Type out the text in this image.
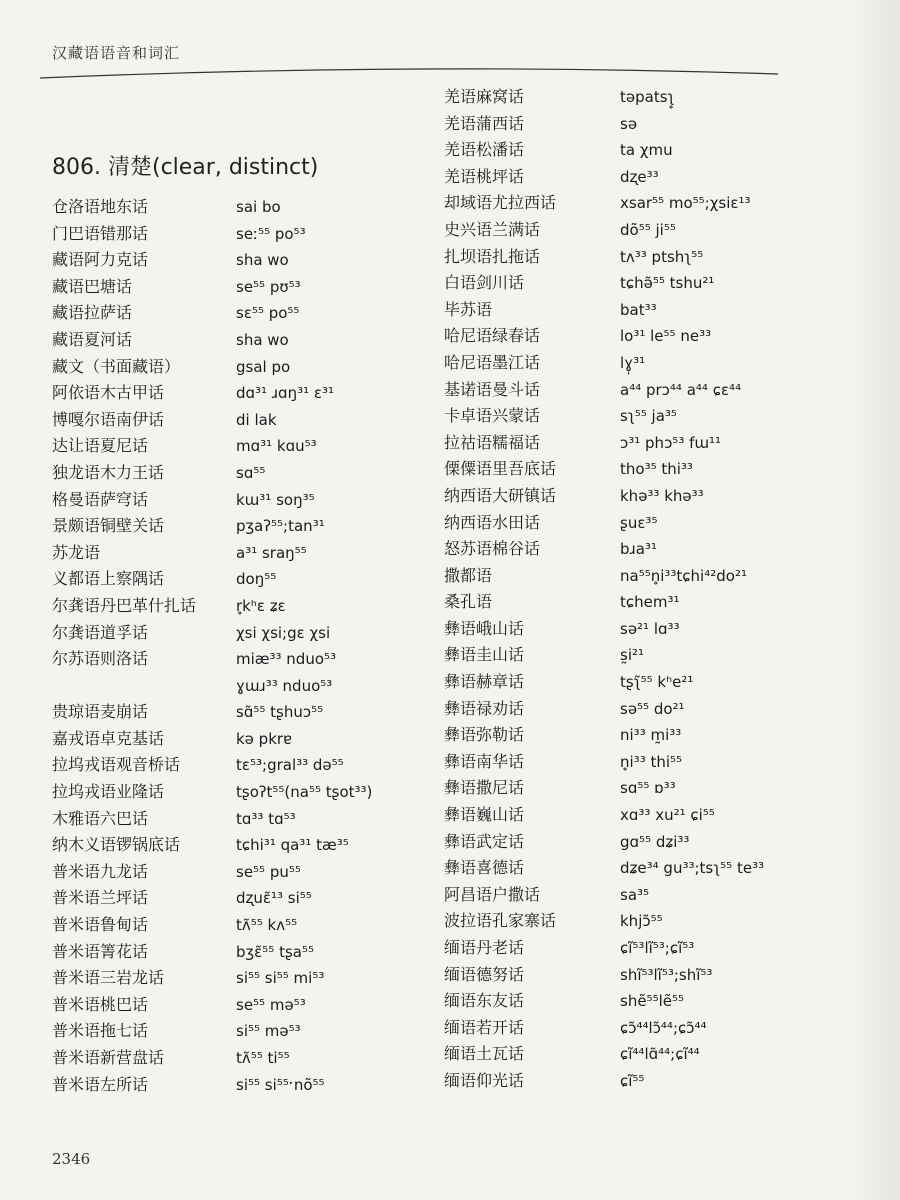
汉藏语语音和词汇
806. 清楚(clear, distinct)
仓洛语地东话	sai bo
门巴语错那话	seː⁵⁵ po⁵³
藏语阿力克话	sha wo
藏语巴塘话	se⁵⁵ pʊ⁵³
藏语拉萨话	sɛ⁵⁵ po⁵⁵
藏语夏河话	sha wo
藏文（书面藏语）	gsal po
阿依语木古甲话	dɑ³¹ ɹɑŋ³¹ ɛ³¹
博嘎尔语南伊话	di lak
达让语夏尼话	mɑ³¹ kɑu⁵³
独龙语木力王话	sɑ⁵⁵
格曼语萨穹话	kɯ³¹ soŋ³⁵
景颇语铜壁关话	pʒaʔ⁵⁵;tan³¹
苏龙语	a³¹ sraŋ⁵⁵
义都语上察隅话	doŋ⁵⁵
尔龚语丹巴革什扎话	r̥kʰɛ ʑɛ
尔龚语道孚话	χsi χsi;gɛ χsi
尔苏语则洛话	miæ³³ nduo⁵³
ɣɯɹ³³ nduo⁵³
贵琼语麦崩话	sɑ̃⁵⁵ tʂhuɔ⁵⁵
嘉戎语卓克基话	kə pkrɐ
拉坞戎语观音桥话	tɛ⁵³;gral³³ də⁵⁵
拉坞戎语业隆话	tʂoʔt⁵⁵(na⁵⁵ tʂot³³)
木雅语六巴话	tɑ³³ tɑ⁵³
纳木义语锣锅底话	tɕhi³¹ qa³¹ tæ³⁵
普米语九龙话	se⁵⁵ pu⁵⁵
普米语兰坪话	dʐuɛ̃¹³ si⁵⁵
普米语鲁甸话	tʌ̃⁵⁵ kʌ⁵⁵
普米语箐花话	bʒɛ̃⁵⁵ tʂa⁵⁵
普米语三岩龙话	si⁵⁵ si⁵⁵ mi⁵³
普米语桃巴话	se⁵⁵ mə⁵³
普米语拖七话	si⁵⁵ mə⁵³
普米语新营盘话	tʌ̃⁵⁵ ti⁵⁵
普米语左所话	si⁵⁵ si⁵⁵ˑnõ⁵⁵
羌语麻窝话	təpatsʅ̥
羌语蒲西话	sə
羌语松潘话	ta χmu
羌语桃坪话	dʐe³³
却域语尤拉西话	xsar⁵⁵ mo⁵⁵;χsiɛ¹³
史兴语兰满话	dõ⁵⁵ ji⁵⁵
扎坝语扎拖话	tʌ³³ ptshʅ⁵⁵
白语剑川话	tɕhə̃⁵⁵ tshu²¹
毕苏语	bat³³
哈尼语绿春话	lo³¹ le⁵⁵ ne³³
哈尼语墨江话	lɣ̩³¹
基诺语曼斗话	a⁴⁴ prɔ⁴⁴ a⁴⁴ ɕɛ⁴⁴
卡卓语兴蒙话	sʅ⁵⁵ ja³⁵
拉祜语糯福话	ɔ³¹ phɔ⁵³ fɯ¹¹
傈僳语里吾底话	tho³⁵ thi³³
纳西语大研镇话	khə³³ khə³³
纳西语水田话	ʂuɛ³⁵
怒苏语棉谷话	bɹa³¹
撒都语	na⁵⁵n̥i³³tɕhi⁴²do²¹
桑孔语	tɕhem³¹
彝语峨山话	sə²¹ lɑ³³
彝语圭山话	s̰i²¹
彝语赫章话	tʂʅ̃⁵⁵ kʰe²¹
彝语禄劝话	sə⁵⁵ do²¹
彝语弥勒话	ni³³ m̰i³³
彝语南华话	n̥i³³ thi⁵⁵
彝语撒尼话	sɑ⁵⁵ ɒ³³
彝语巍山话	xɑ³³ xu²¹ ɕi⁵⁵
彝语武定话	gɑ⁵⁵ dʑi³³
彝语喜德话	dʑe³⁴ gu³³;tsʅ⁵⁵ te³³
阿昌语户撒话	sa³⁵
波拉语孔家寨话	khjɔ̃⁵⁵
缅语丹老话	ɕĩ⁵³lĩ⁵³;ɕĩ⁵³
缅语德努话	shĩ⁵³lĩ⁵³;shĩ⁵³
缅语东友话	shẽ⁵⁵lẽ⁵⁵
缅语若开话	ɕɔ̃⁴⁴lɔ̃⁴⁴;ɕɔ̃⁴⁴
缅语土瓦话	ɕĩ⁴⁴lɑ̃⁴⁴;ɕĩ⁴⁴
缅语仰光话	ɕĩ⁵⁵
2346
